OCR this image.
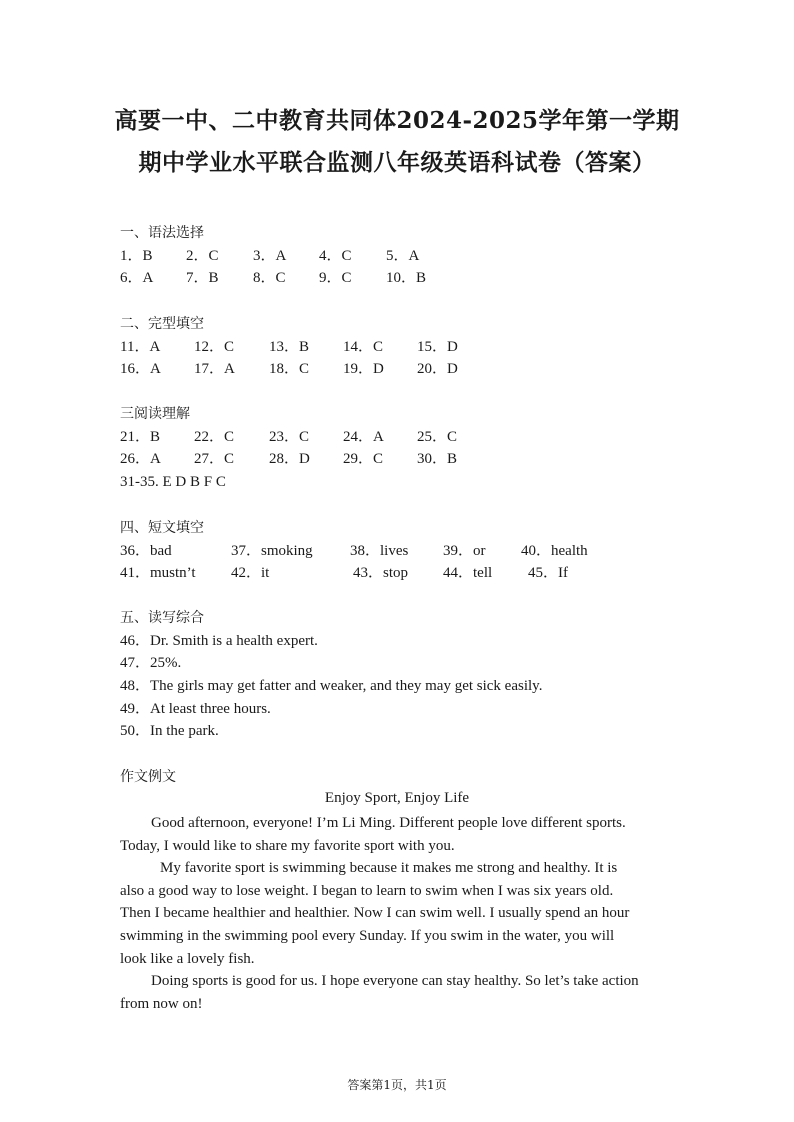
高要一中、二中教育共同体2024-2025学年第一学期
期中学业水平联合监测八年级英语科试卷（答案）
一、语法选择
1．B 2．C 3．A 4．C 5．A
6．A 7．B 8．C 9．C 10．B
二、完型填空
11．A 12．C 13．B 14．C 15．D
16．A 17．A 18．C 19．D 20．D
三阅读理解
21．B 22．C 23．C 24．A 25．C
26．A 27．C 28．D 29．C 30．B
31-35. E D B F C
四、短文填空
36．bad	37．smoking 38．lives 39．or 40．health
41．mustn’t 42．it	43．stop 44．tell 45．If
五、读写综合
46．Dr. Smith is a health expert.
47．25%.
48．The girls may get fatter and weaker, and they may get sick easily.
49．At least three hours.
50．In the park.
作文例文
Enjoy Sport, Enjoy Life
Good afternoon, everyone! I’m Li Ming. Different people love different sports.
Today, I would like to share my favorite sport with you.
My favorite sport is swimming because it makes me strong and healthy. It is
also a good way to lose weight. I began to learn to swim when I was six years old.
Then I became healthier and healthier. Now I can swim well. I usually spend an hour
swimming in the swimming pool every Sunday. If you swim in the water, you will
look like a lovely fish.
Doing sports is good for us. I hope everyone can stay healthy. So let’s take action
from now on!
答案第1页，共1页
